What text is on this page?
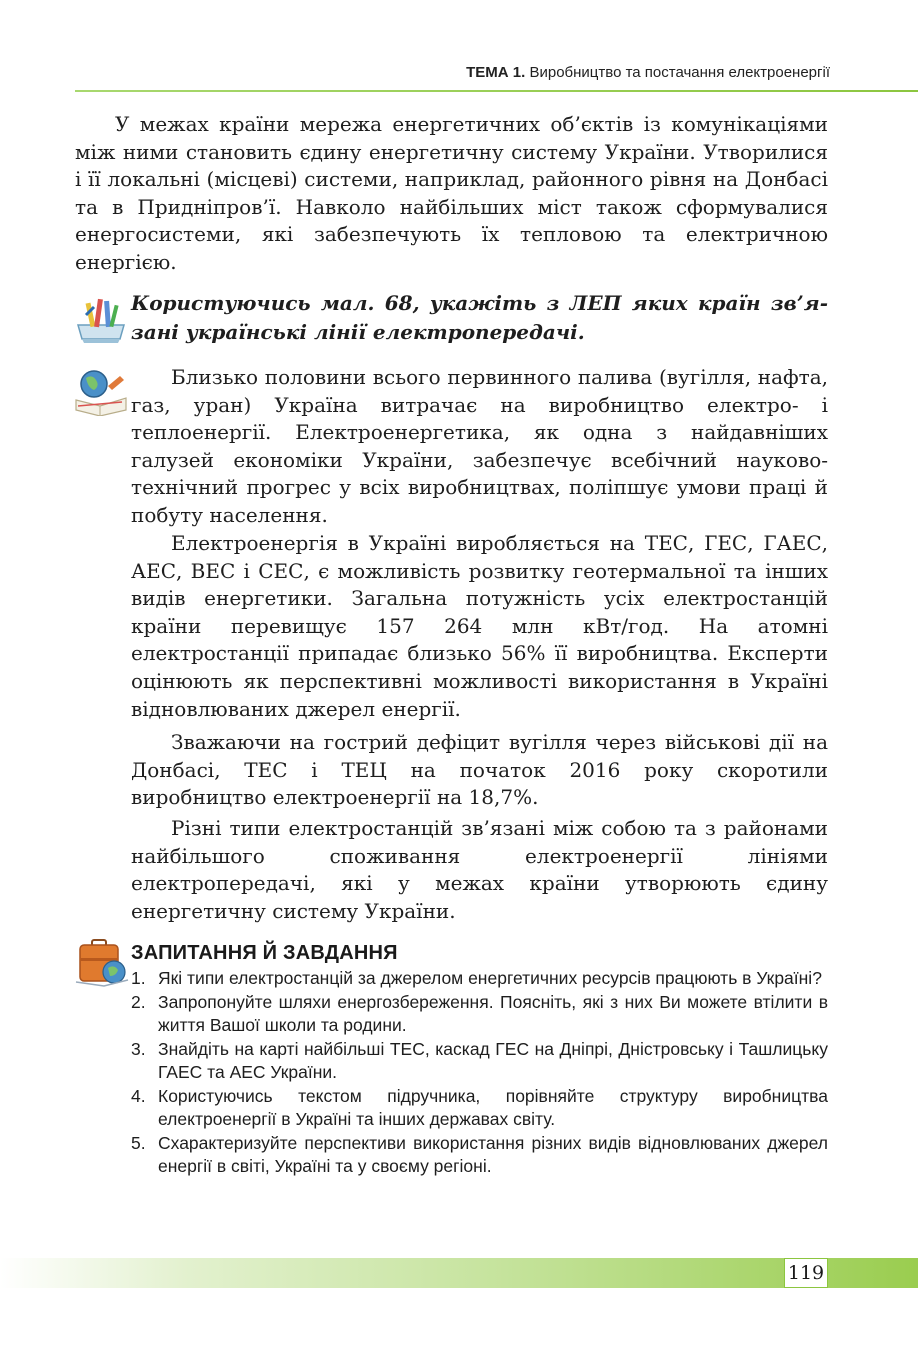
ТЕМА 1. Виробництво та постачання електроенергії

У межах країни мережа енергетичних об’єктів із комунікаціями між ними становить єдину енергетичну систему України. Утворилися і її локальні (місцеві) системи, наприклад, районного рівня на Донбасі та в Придніпров’ї. Навколо найбільших міст також сформувалися енергосистеми, які забезпечують їх тепловою та електричною енергією.

Користуючись мал. 68, укажіть з ЛЕП яких країн зв’язані українські лінії електропередачі.

Близько половини всього первинного палива (вугілля, нафта, газ, уран) Україна витрачає на виробництво електро- і теплоенергії. Електроенергетика, як одна з найдавніших галузей економіки України, забезпечує всебічний науково-технічний прогрес у всіх виробництвах, поліпшує умови праці й побуту населення.

Електроенергія в Україні виробляється на ТЕС, ГЕС, ГАЕС, АЕС, ВЕС і СЕС, є можливість розвитку геотермальної та інших видів енергетики. Загальна потужність усіх електростанцій країни перевищує 157 264 млн кВт/год. На атомні електростанції припадає близько 56% її виробництва. Експерти оцінюють як перспективні можливості використання в Україні відновлюваних джерел енергії.

Зважаючи на гострий дефіцит вугілля через військові дії на Донбасі, ТЕС і ТЕЦ на початок 2016 року скоротили виробництво електроенергії на 18,7%.

Різні типи електростанцій зв’язані між собою та з районами найбільшого споживання електроенергії лініями електропередачі, які у межах країни утворюють єдину енергетичну систему України.

ЗАПИТАННЯ Й ЗАВДАННЯ
1. Які типи електростанцій за джерелом енергетичних ресурсів працюють в Україні?
2. Запропонуйте шляхи енергозбереження. Поясніть, які з них Ви можете втілити в життя Вашої школи та родини.
3. Знайдіть на карті найбільші ТЕС, каскад ГЕС на Дніпрі, Дністровську і Ташлицьку ГАЕС та АЕС України.
4. Користуючись текстом підручника, порівняйте структуру виробництва електроенергії в Україні та інших державах світу.
5. Схарактеризуйте перспективи використання різних видів відновлюваних джерел енергії в світі, Україні та у своєму регіоні.
119
